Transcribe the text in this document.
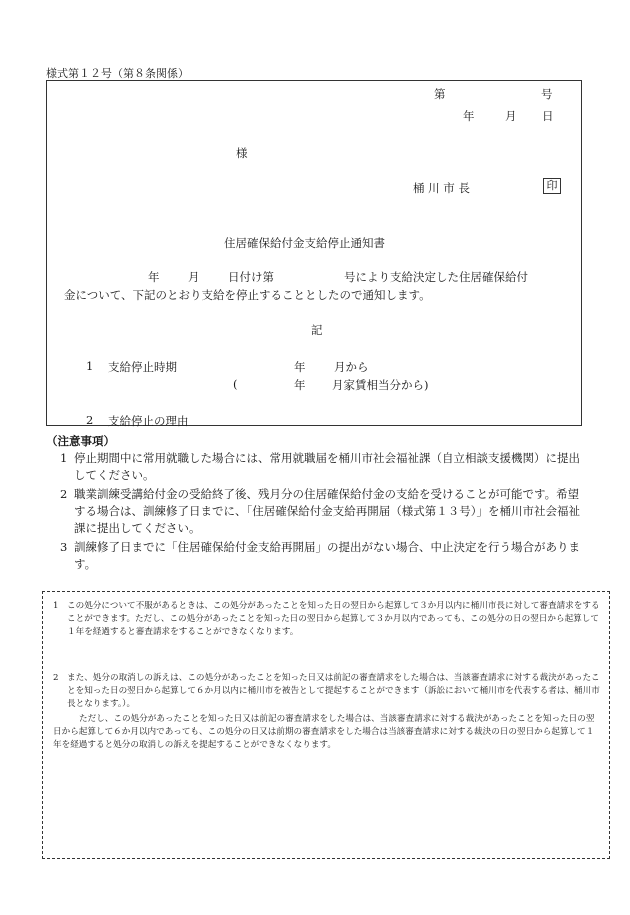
様式第１２号（第８条関係）
第	号
年	月 日
様
桶 川 市 長	印
住居確保給付金支給停止通知書
年 月 日付け第	号により支給決定した住居確保給付
金について、下記のとおり支給を停止することとしたので通知します。
記
1 支給停止時期	年 月から
(	年 月家賃相当分から)
2 支給停止の理由
（注意事項）
1 停止期間中に常用就職した場合には、常用就職届を桶川市社会福祉課（自立相談支援機関）に提出してください。
2 職業訓練受講給付金の受給終了後、残月分の住居確保給付金の支給を受けることが可能です。希望する場合は、訓練修了日までに、「住居確保給付金支給再開届（様式第１３号）」を桶川市社会福祉課に提出してください。
3 訓練修了日までに「住居確保給付金支給再開届」の提出がない場合、中止決定を行う場合があります。
1 この処分について不服があるときは、この処分があったことを知った日の翌日から起算して３か月以内に桶川市長に対して審査請求をすることができます。ただし、この処分があったことを知った日の翌日から起算して３か月以内であっても、この処分の日の翌日から起算して１年を経過すると審査請求をすることができなくなります。
2 また、処分の取消しの訴えは、この処分があったことを知った日又は前記の審査請求をした場合は、当該審査請求に対する裁決があったことを知った日の翌日から起算して６か月以内に桶川市を被告として提起することができます（訴訟において桶川市を代表する者は、桶川市長となります。）。
ただし、この処分があったことを知った日又は前記の審査請求をした場合は、当該審査請求に対する裁決があったことを知った日の翌日から起算して６か月以内であっても、この処分の日又は前期の審査請求をした場合は当該審査請求に対する裁決の日の翌日から起算して１年を経過すると処分の取消しの訴えを提起することができなくなります。
